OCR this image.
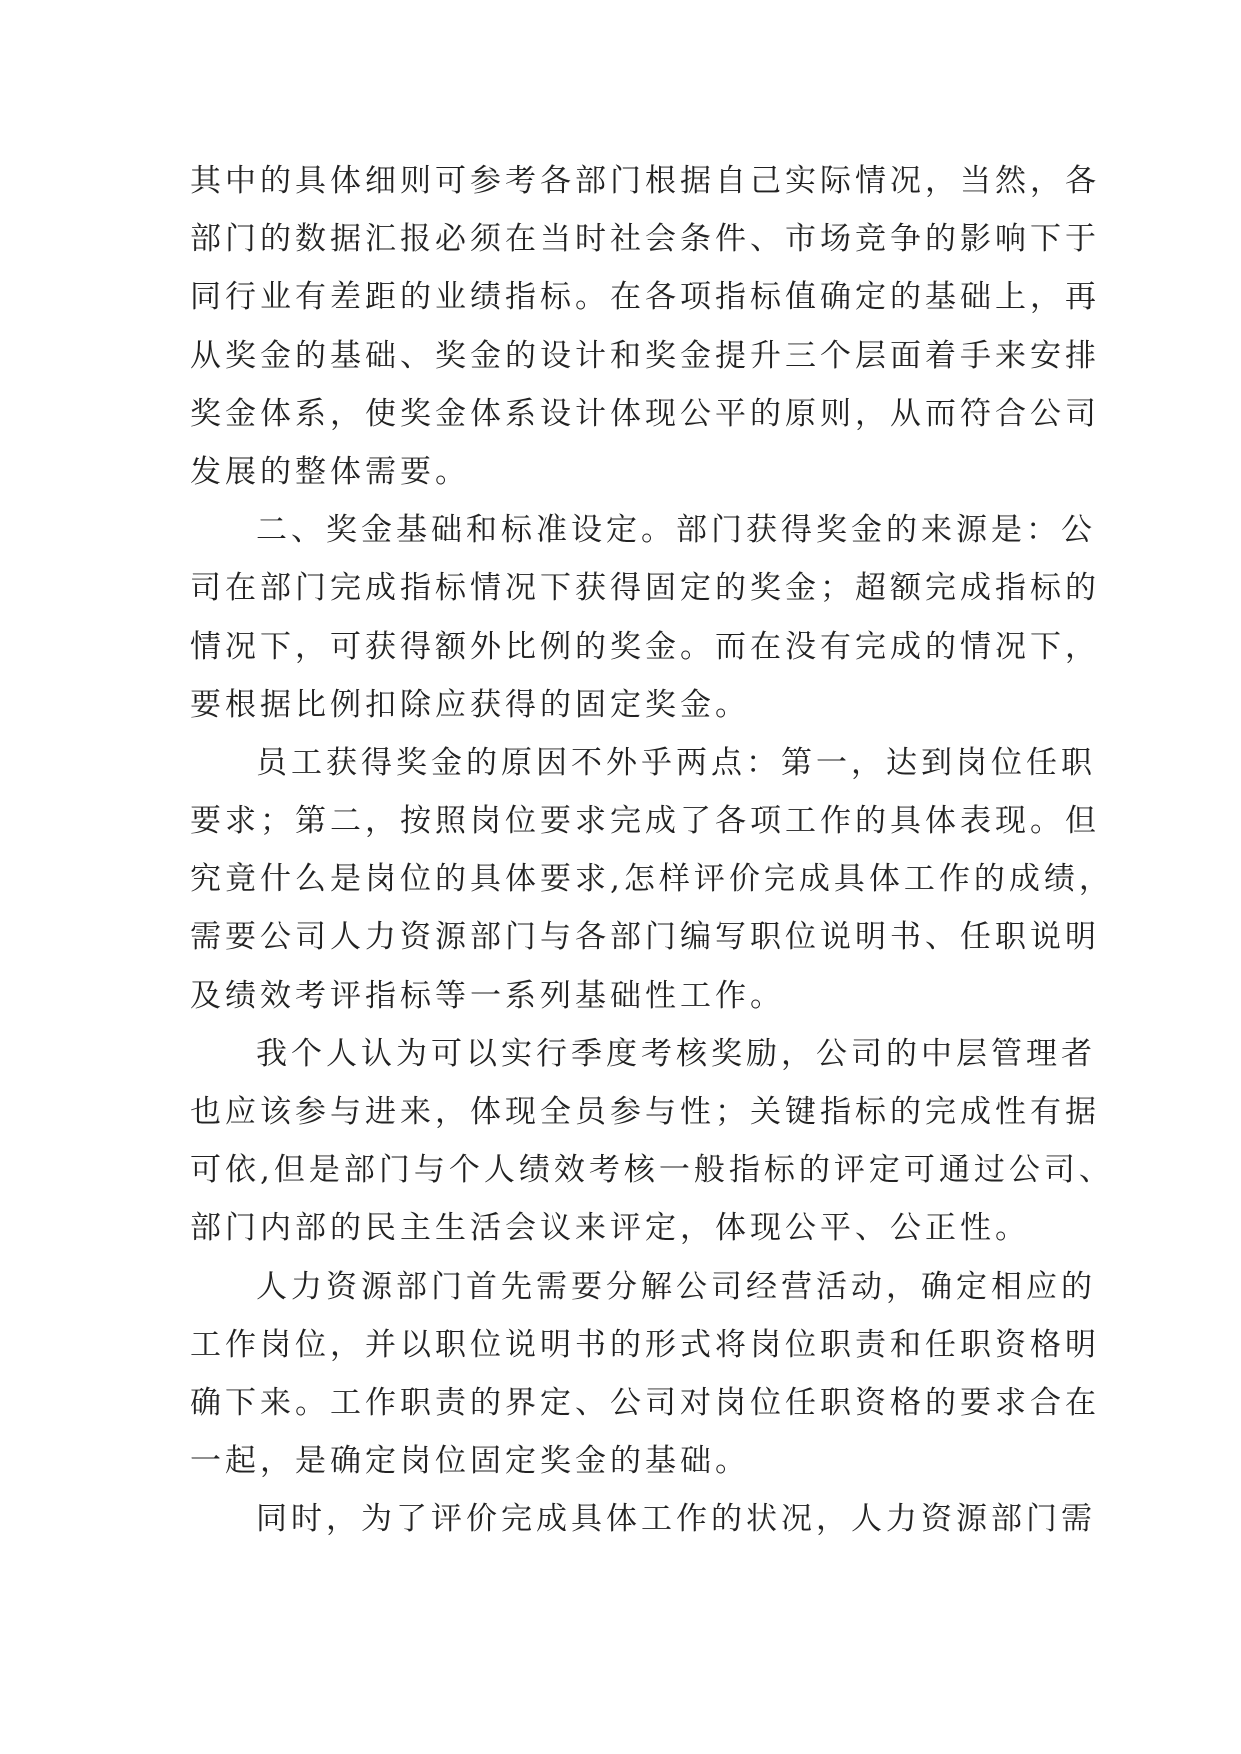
其中的具体细则可参考各部门根据自己实际情况，当然，各
部门的数据汇报必须在当时社会条件、市场竞争的影响下于
同行业有差距的业绩指标。在各项指标值确定的基础上，再
从奖金的基础、奖金的设计和奖金提升三个层面着手来安排
奖金体系，使奖金体系设计体现公平的原则，从而符合公司
发展的整体需要。

二、奖金基础和标准设定。部门获得奖金的来源是：公
司在部门完成指标情况下获得固定的奖金；超额完成指标的
情况下，可获得额外比例的奖金。而在没有完成的情况下，
要根据比例扣除应获得的固定奖金。

员工获得奖金的原因不外乎两点：第一，达到岗位任职
要求；第二，按照岗位要求完成了各项工作的具体表现。但
究竟什么是岗位的具体要求,怎样评价完成具体工作的成绩，
需要公司人力资源部门与各部门编写职位说明书、任职说明
及绩效考评指标等一系列基础性工作。

我个人认为可以实行季度考核奖励，公司的中层管理者
也应该参与进来，体现全员参与性；关键指标的完成性有据
可依,但是部门与个人绩效考核一般指标的评定可通过公司、
部门内部的民主生活会议来评定，体现公平、公正性。

人力资源部门首先需要分解公司经营活动，确定相应的
工作岗位，并以职位说明书的形式将岗位职责和任职资格明
确下来。工作职责的界定、公司对岗位任职资格的要求合在
一起，是确定岗位固定奖金的基础。

同时，为了评价完成具体工作的状况，人力资源部门需
